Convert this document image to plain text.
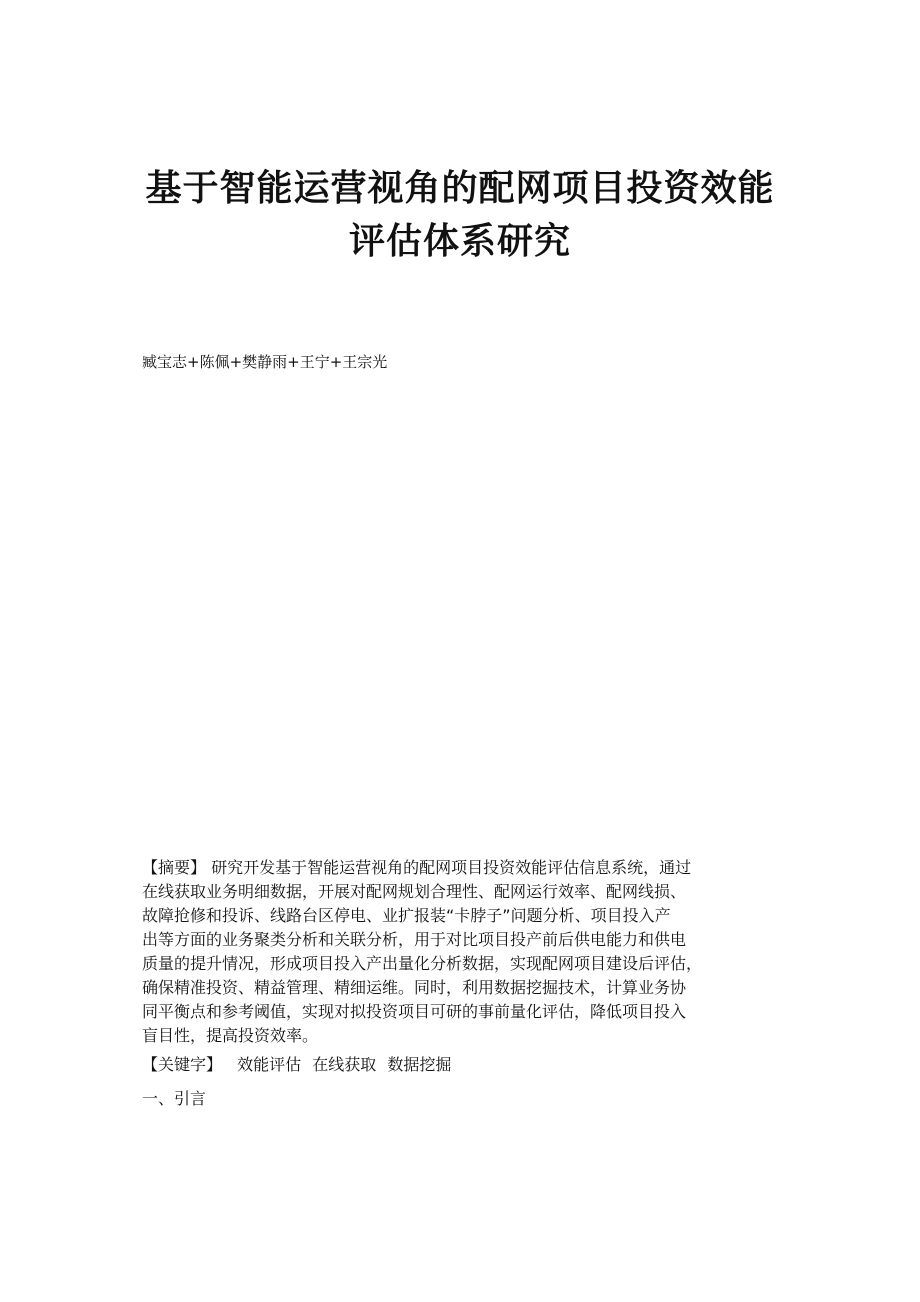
基于智能运营视角的配网项目投资效能
评估体系研究
臧宝志+陈佩+樊静雨+王宁+王宗光
【摘要】 研究开发基于智能运营视角的配网项目投资效能评估信息系统，通过
在线获取业务明细数据，开展对配网规划合理性、配网运行效率、配网线损、
故障抢修和投诉、线路台区停电、业扩报装“卡脖子”问题分析、项目投入产
出等方面的业务聚类分析和关联分析，用于对比项目投产前后供电能力和供电
质量的提升情况，形成项目投入产出量化分析数据，实现配网项目建设后评估，
确保精准投资、精益管理、精细运维。同时，利用数据挖掘技术，计算业务协
同平衡点和参考阈值，实现对拟投资项目可研的事前量化评估，降低项目投入
盲目性，提高投资效率。
【关键字】 效能评估 在线获取 数据挖掘
一、引言
